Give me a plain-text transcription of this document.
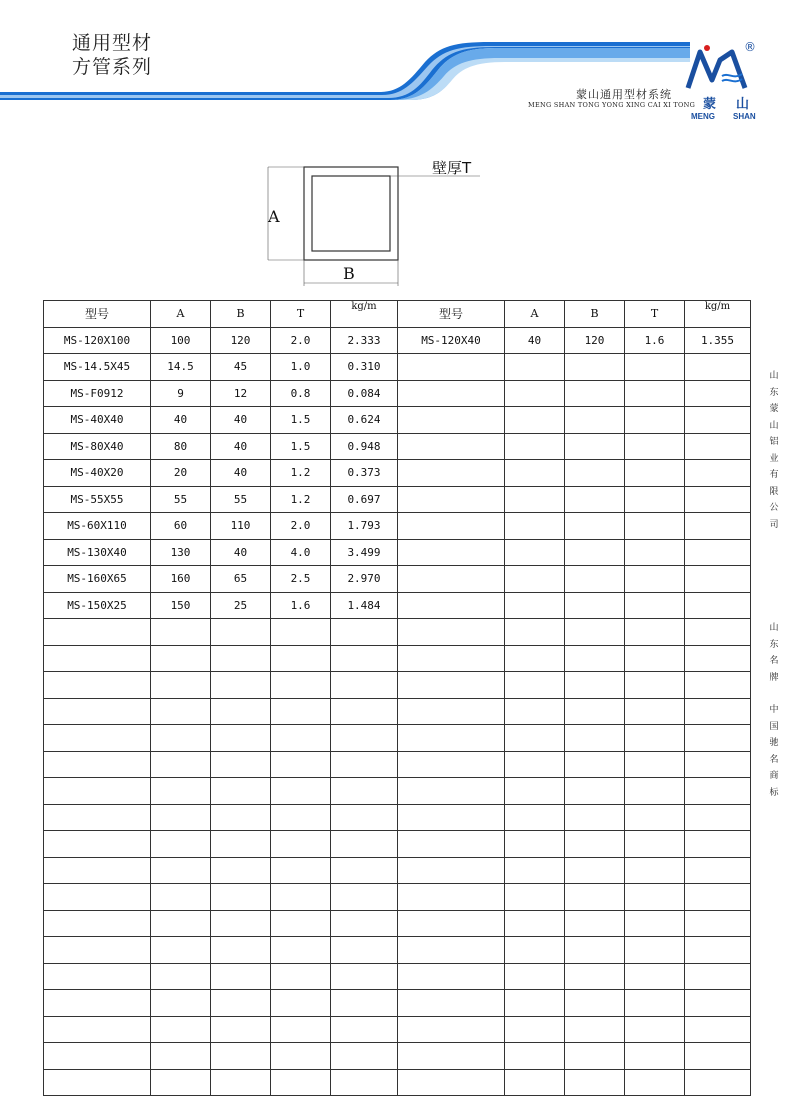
通用型材
方管系列
蒙山通用型材系统
MENG SHAN TONG YONG XING CAI XI TONG
®
蒙 山
MENG SHAN
A
B
壁厚T
型号	A	B	T	kg/m	型号	A	B	T	kg/m
MS-120X100	100	120	2.0	2.333	MS-120X40	40	120	1.6	1.355
MS-14.5X45	14.5	45	1.0	0.310					
MS-F0912	9	12	0.8	0.084					
MS-40X40	40	40	1.5	0.624					
MS-80X40	80	40	1.5	0.948					
MS-40X20	20	40	1.2	0.373					
MS-55X55	55	55	1.2	0.697					
MS-60X110	60	110	2.0	1.793					
MS-130X40	130	40	4.0	3.499					
MS-160X65	160	65	2.5	2.970					
MS-150X25	150	25	1.6	1.484					

山东蒙山铝业有限公司
山东名牌
中国驰名商标
